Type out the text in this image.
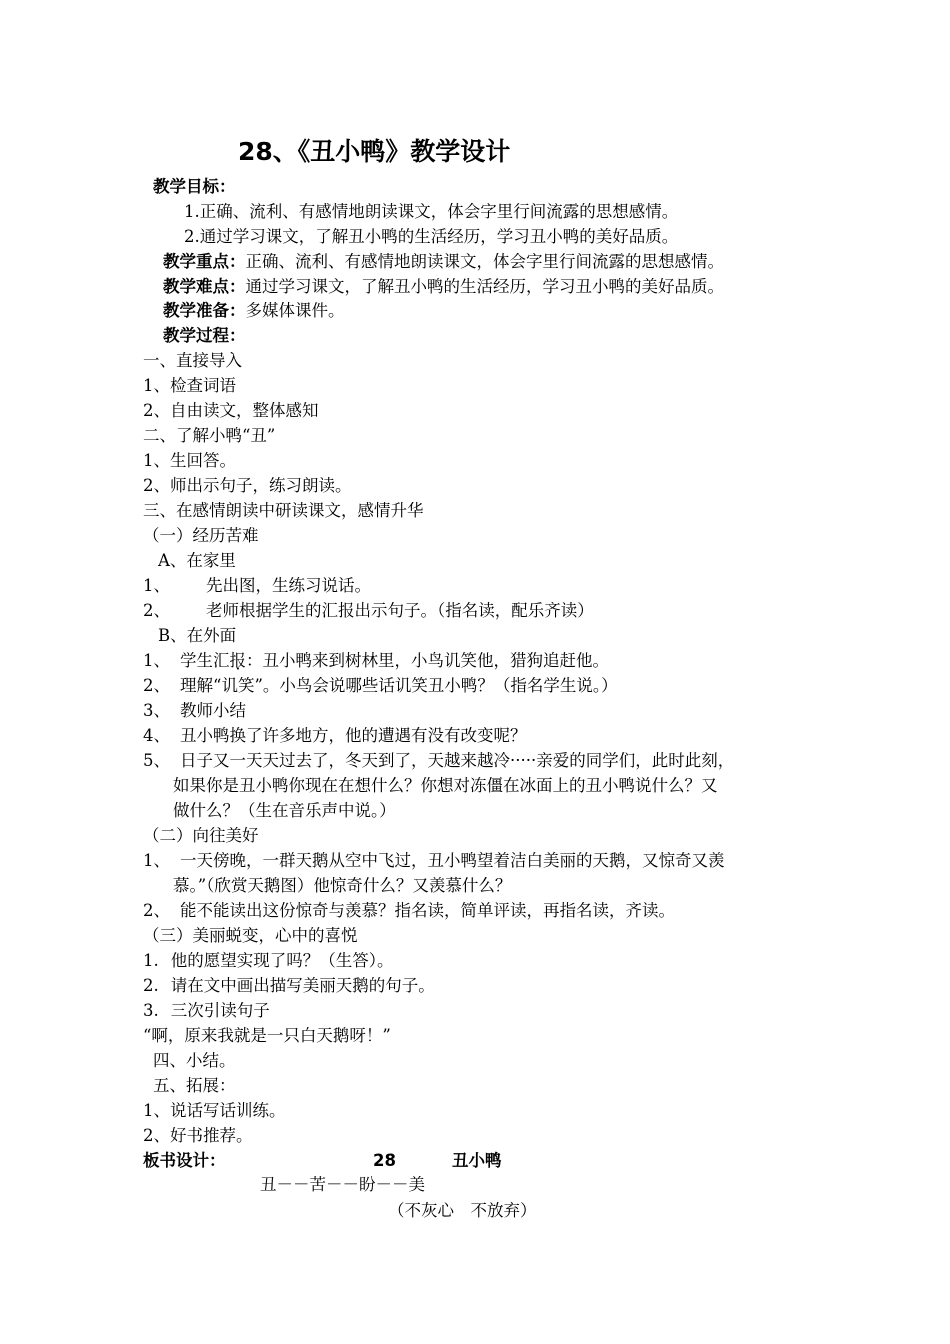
28、《丑小鸭》教学设计
教学目标：
1.正确、流利、有感情地朗读课文，体会字里行间流露的思想感情。
2.通过学习课文，了解丑小鸭的生活经历，学习丑小鸭的美好品质。
教学重点：正确、流利、有感情地朗读课文，体会字里行间流露的思想感情。
教学难点：通过学习课文，了解丑小鸭的生活经历，学习丑小鸭的美好品质。
教学准备：多媒体课件。
教学过程：
一、直接导入
1、检查词语
2、自由读文，整体感知
二、了解小鸭“丑”
1、生回答。
2、师出示句子，练习朗读。
三、在感情朗读中研读课文，感情升华
（一）经历苦难
A、在家里
1、 先出图，生练习说话。
2、 老师根据学生的汇报出示句子。（指名读，配乐齐读）
B、在外面
1、 学生汇报：丑小鸭来到树林里，小鸟讥笑他，猎狗追赶他。
2、 理解“讥笑”。小鸟会说哪些话讥笑丑小鸭？（指名学生说。）
3、 教师小结
4、 丑小鸭换了许多地方，他的遭遇有没有改变呢？
5、 日子又一天天过去了，冬天到了，天越来越冷·····亲爱的同学们，此时此刻，
如果你是丑小鸭你现在在想什么？你想对冻僵在冰面上的丑小鸭说什么？又
做什么？（生在音乐声中说。）
（二）向往美好
1、 一天傍晚，一群天鹅从空中飞过，丑小鸭望着洁白美丽的天鹅，又惊奇又羡
慕。”（欣赏天鹅图）他惊奇什么？又羡慕什么？
2、 能不能读出这份惊奇与羡慕？指名读，简单评读，再指名读，齐读。
（三）美丽蜕变，心中的喜悦
1. 他的愿望实现了吗？（生答）。
2. 请在文中画出描写美丽天鹅的句子。
3. 三次引读句子
“啊，原来我就是一只白天鹅呀！”
四、小结。
五、拓展：
1、说话写话训练。
2、好书推荐。
板书设计：	28	丑小鸭
丑－－苦－－盼－－美
（不灰心　不放弃）
